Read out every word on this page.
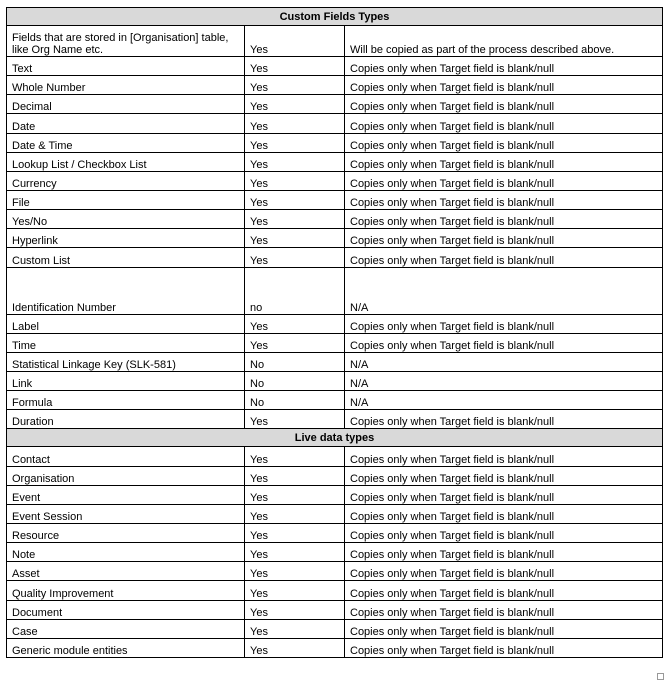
Custom Fields Types		
Fields that are stored in [Organisation] table, like Org Name etc.	Yes	Will be copied as part of the process described above.
Text	Yes	Copies only when Target field is blank/null
Whole Number	Yes	Copies only when Target field is blank/null
Decimal	Yes	Copies only when Target field is blank/null
Date	Yes	Copies only when Target field is blank/null
Date & Time	Yes	Copies only when Target field is blank/null
Lookup List / Checkbox List	Yes	Copies only when Target field is blank/null
Currency	Yes	Copies only when Target field is blank/null
File	Yes	Copies only when Target field is blank/null
Yes/No	Yes	Copies only when Target field is blank/null
Hyperlink	Yes	Copies only when Target field is blank/null
Custom List	Yes	Copies only when Target field is blank/null
Identification Number	no	N/A
Label	Yes	Copies only when Target field is blank/null
Time	Yes	Copies only when Target field is blank/null
Statistical Linkage Key (SLK-581)	No	N/A
Link	No	N/A
Formula	No	N/A
Duration	Yes	Copies only when Target field is blank/null
Live data types		
Contact	Yes	Copies only when Target field is blank/null
Organisation	Yes	Copies only when Target field is blank/null
Event	Yes	Copies only when Target field is blank/null
Event Session	Yes	Copies only when Target field is blank/null
Resource	Yes	Copies only when Target field is blank/null
Note	Yes	Copies only when Target field is blank/null
Asset	Yes	Copies only when Target field is blank/null
Quality Improvement	Yes	Copies only when Target field is blank/null
Document	Yes	Copies only when Target field is blank/null
Case	Yes	Copies only when Target field is blank/null
Generic module entities	Yes	Copies only when Target field is blank/null
